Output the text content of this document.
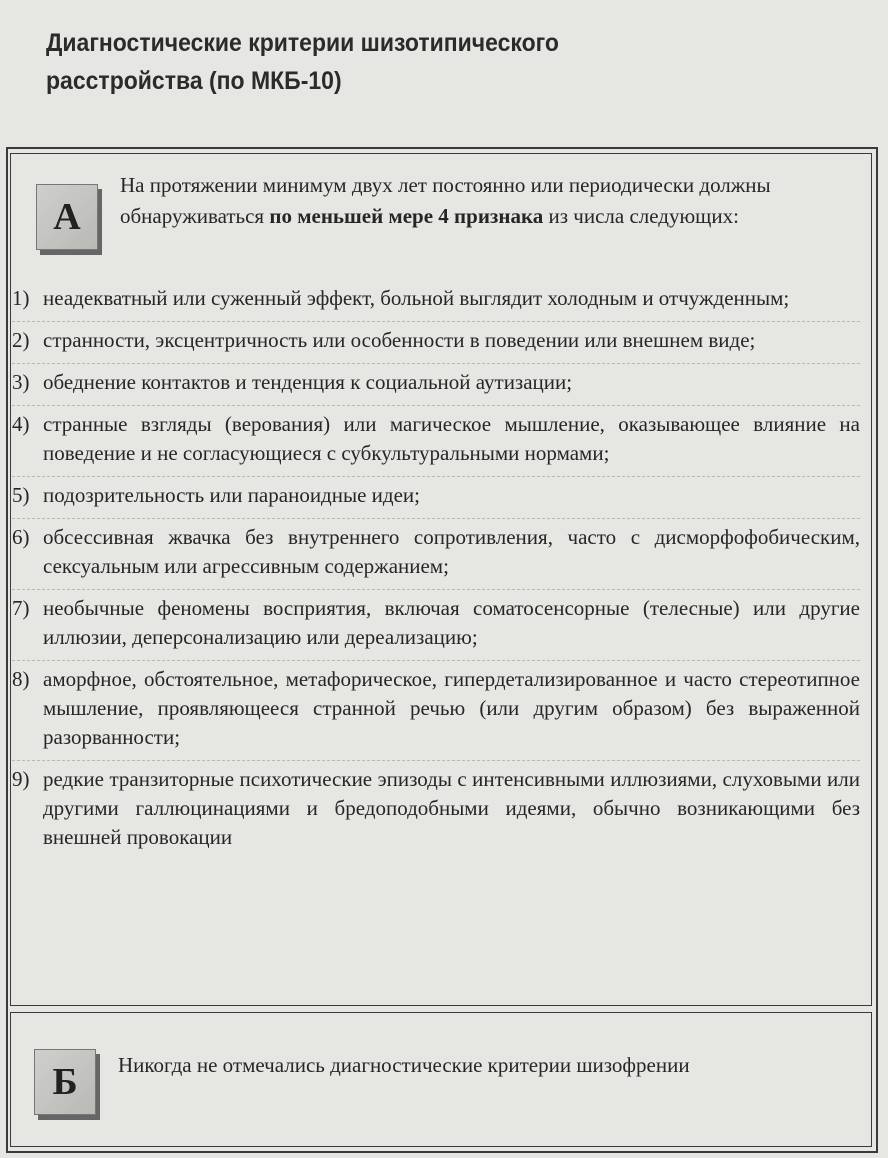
Диагностические критерии шизотипического расстройства (по МКБ-10)
А

На протяжении минимум двух лет постоянно или периодически должны обнаруживаться по меньшей мере 4 признака из числа следующих:

1) неадекватный или суженный эффект, больной выглядит холодным и отчужденным;
2) странности, эксцентричность или особенности в поведении или внешнем виде;
3) обеднение контактов и тенденция к социальной аутизации;
4) странные взгляды (верования) или магическое мышление, оказывающее влияние на поведение и не согласующиеся с субкультуральными нормами;
5) подозрительность или параноидные идеи;
6) обсессивная жвачка без внутреннего сопротивления, часто с дисморфофобическим, сексуальным или агрессивным содержанием;
7) необычные феномены восприятия, включая соматосенсорные (телесные) или другие иллюзии, деперсонализацию или дереализацию;
8) аморфное, обстоятельное, метафорическое, гипердетализированное и часто стереотипное мышление, проявляющееся странной речью (или другим образом) без выраженной разорванности;
9) редкие транзиторные психотические эпизоды с интенсивными иллюзиями, слуховыми или другими галлюцинациями и бредоподобными идеями, обычно возникающими без внешней провокации
Б	Никогда не отмечались диагностические критерии шизофрении
